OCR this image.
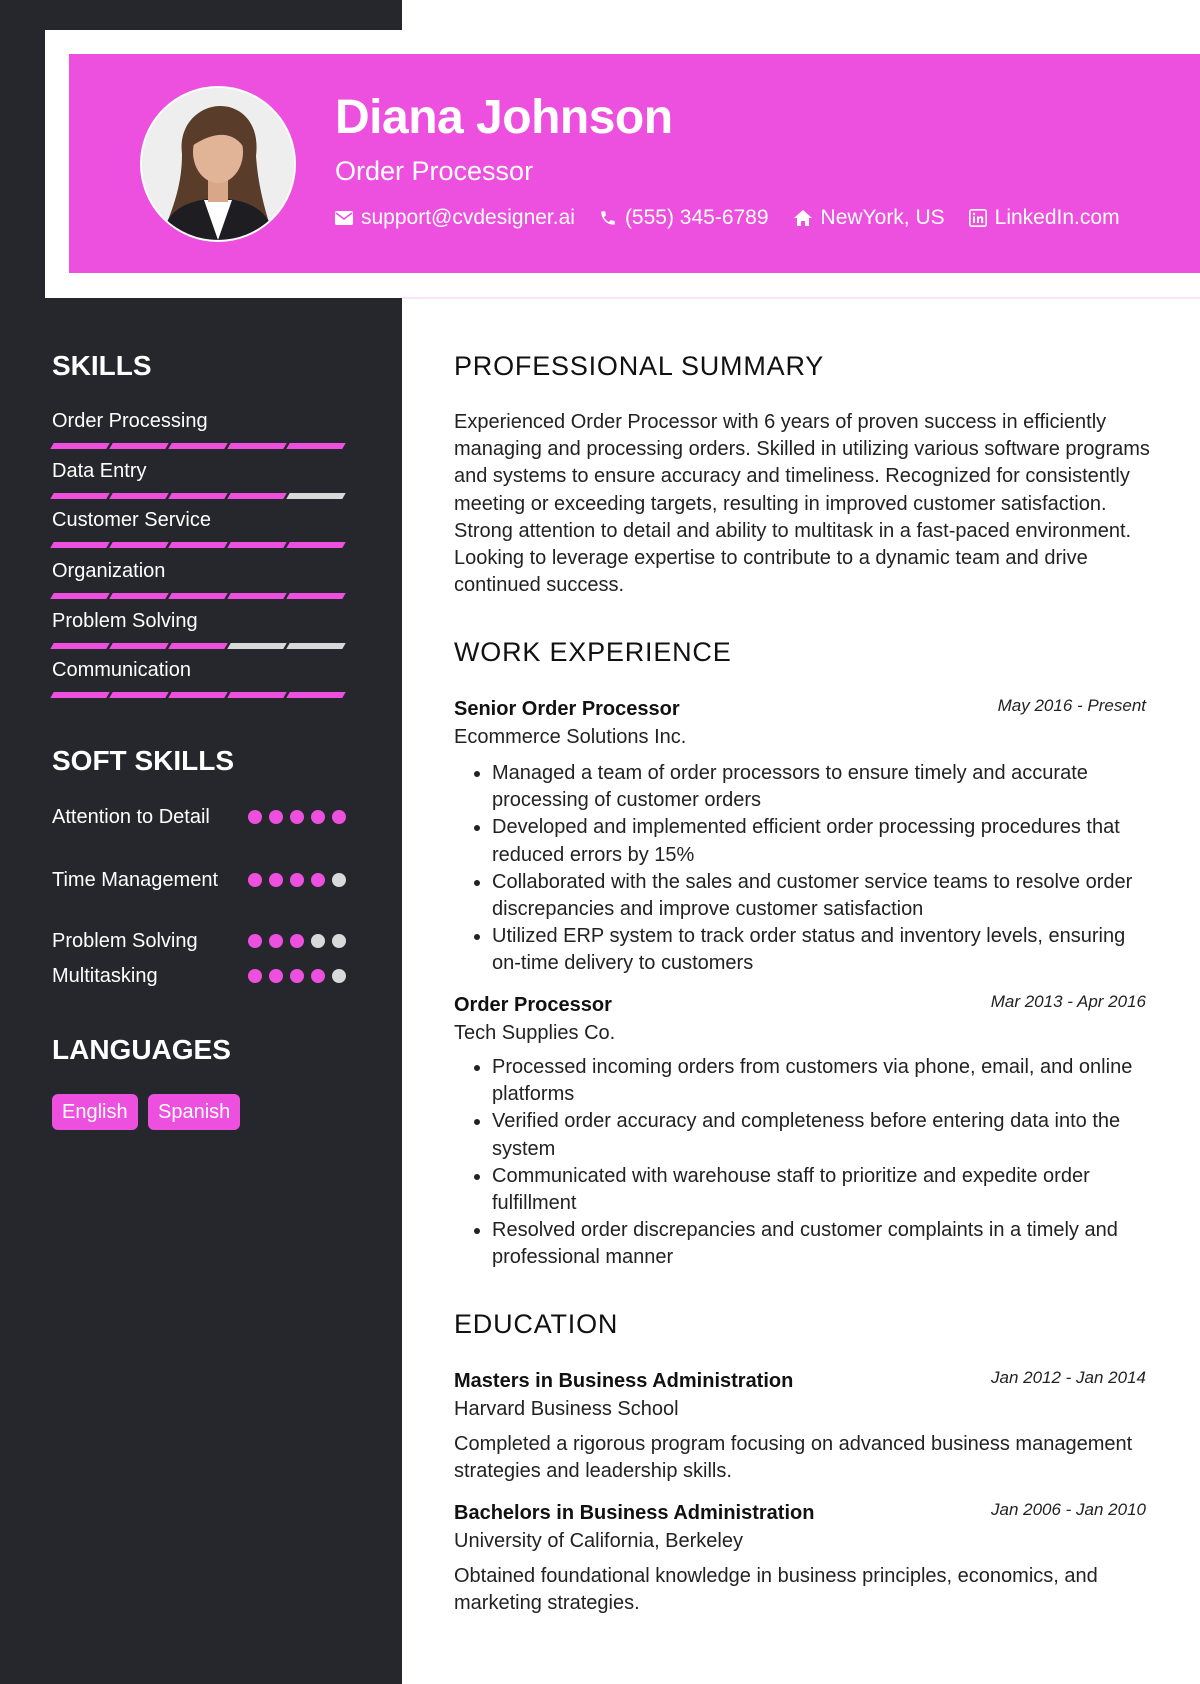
Diana Johnson
Order Processor
support@cvdesigner.ai (555) 345-6789 NewYork, US LinkedIn.com
SKILLS
Order Processing
Data Entry
Customer Service
Organization
Problem Solving
Communication
SOFT SKILLS
Attention to Detail
Time Management
Problem Solving
Multitasking
LANGUAGES
English	Spanish
PROFESSIONAL SUMMARY
Experienced Order Processor with 6 years of proven success in efficiently managing and processing orders. Skilled in utilizing various software programs and systems to ensure accuracy and timeliness. Recognized for consistently meeting or exceeding targets, resulting in improved customer satisfaction. Strong attention to detail and ability to multitask in a fast-paced environment. Looking to leverage expertise to contribute to a dynamic team and drive continued success.
WORK EXPERIENCE
Senior Order Processor	May 2016 - Present
Ecommerce Solutions Inc.
• Managed a team of order processors to ensure timely and accurate processing of customer orders
• Developed and implemented efficient order processing procedures that reduced errors by 15%
• Collaborated with the sales and customer service teams to resolve order discrepancies and improve customer satisfaction
• Utilized ERP system to track order status and inventory levels, ensuring on-time delivery to customers
Order Processor	Mar 2013 - Apr 2016
Tech Supplies Co.
• Processed incoming orders from customers via phone, email, and online platforms
• Verified order accuracy and completeness before entering data into the system
• Communicated with warehouse staff to prioritize and expedite order fulfillment
• Resolved order discrepancies and customer complaints in a timely and professional manner
EDUCATION
Masters in Business Administration	Jan 2012 - Jan 2014
Harvard Business School
Completed a rigorous program focusing on advanced business management strategies and leadership skills.
Bachelors in Business Administration	Jan 2006 - Jan 2010
University of California, Berkeley
Obtained foundational knowledge in business principles, economics, and marketing strategies.
